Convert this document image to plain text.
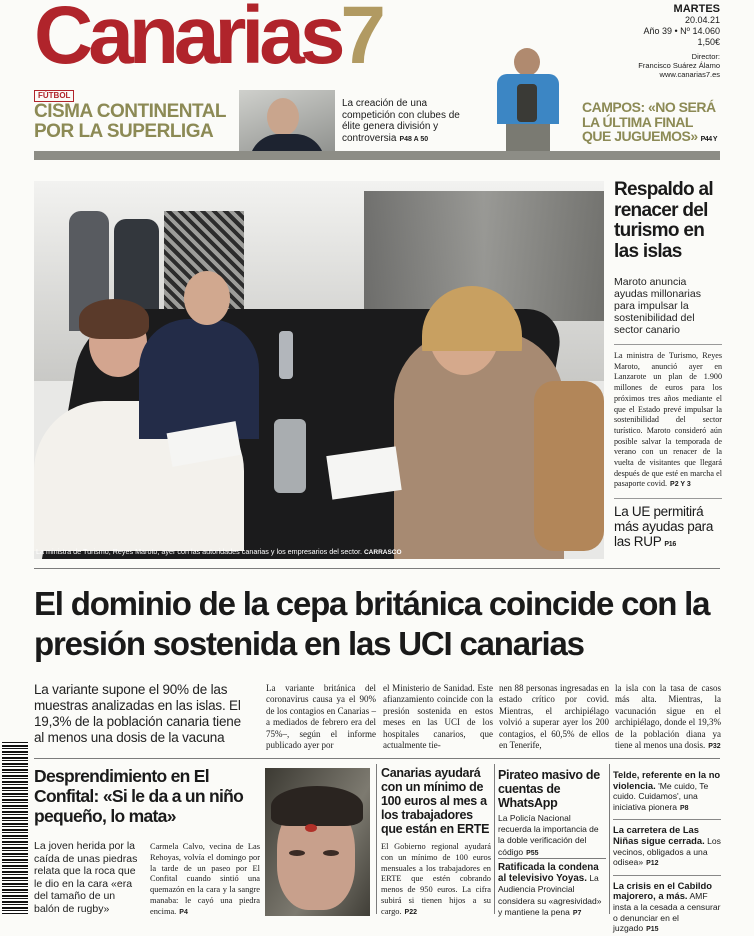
Canarias7	MARTES
20.04.21
Año 39 • Nº 14.060
1,50€
Director:
Francisco Suárez Álamo
www.canarias7.es
FÚTBOL
CISMA CONTINENTAL POR LA SUPERLIGA
La creación de una competición con clubes de élite genera división y controversia P48 A 50
CAMPOS: «NO SERÁ LA ÚLTIMA FINAL QUE JUGUEMOS» P44 Y
La ministra de Turismo, Reyes Maroto, ayer con las autoridades canarias y los empresarios del sector. CARRASCO
Respaldo al renacer del turismo en las islas
Maroto anuncia ayudas millonarias para impulsar la sostenibilidad del sector canario
La ministra de Turismo, Reyes Maroto, anunció ayer en Lanzarote un plan de 1.900 millones de euros para los próximos tres años mediante el que el Estado prevé impulsar la sostenibilidad del sector turístico. Maroto consideró aún posible salvar la temporada de verano con un renacer de la vuelta de visitantes que llegará después de que esté en marcha el pasaporte covid. P2 Y 3
La UE permitirá más ayudas para las RUP P16
El dominio de la cepa británica coincide con la presión sostenida en las UCI canarias
La variante supone el 90% de las muestras analizadas en las islas. El 19,3% de la población canaria tiene al menos una dosis de la vacuna
La variante británica del coronavirus causa ya el 90% de los contagios en Canarias –a mediados de febrero era del 75%–, según el informe publicado ayer por
el Ministerio de Sanidad. Este afianzamiento coincide con la presión sostenida en estos meses en las UCI de los hospitales canarios, que actualmente tie-
nen 88 personas ingresadas en estado crítico por covid. Mientras, el archipiélago volvió a superar ayer los 200 contagios, el 60,5% de ellos en Tenerife,
la isla con la tasa de casos más alta. Mientras, la vacunación sigue en el archipiélago, donde el 19,3% de la población diana ya tiene al menos una dosis. P32
Desprendimiento en El Confital: «Si le da a un niño pequeño, lo mata»
La joven herida por la caída de unas piedras relata que la roca que le dio en la cara «era del tamaño de un balón de rugby»
Carmela Calvo, vecina de Las Rehoyas, volvía el domingo por la tarde de un paseo por El Confital cuando sintió una quemazón en la cara y la sangre manaba: le cayó una piedra encima. P4
Canarias ayudará con un mínimo de 100 euros al mes a los trabajadores que están en ERTE
El Gobierno regional ayudará con un mínimo de 100 euros mensuales a los trabajadores en ERTE que estén cobrando menos de 950 euros. La cifra subirá si tienen hijos a su cargo. P22
Pirateo masivo de cuentas de WhatsApp
La Policía Nacional recuerda la importancia de la doble verificación del código P55
Ratificada la condena al televisivo Yoyas. La Audiencia Provincial considera su «agresividad» y mantiene la pena P7
Telde, referente en la no violencia. 'Me cuido, Te cuido. Cuidamos', una iniciativa pionera P8
La carretera de Las Niñas sigue cerrada. Los vecinos, obligados a una odisea» P12
La crisis en el Cabildo majorero, a más. AMF insta a la cesada a censurar o denunciar en el juzgado P15
